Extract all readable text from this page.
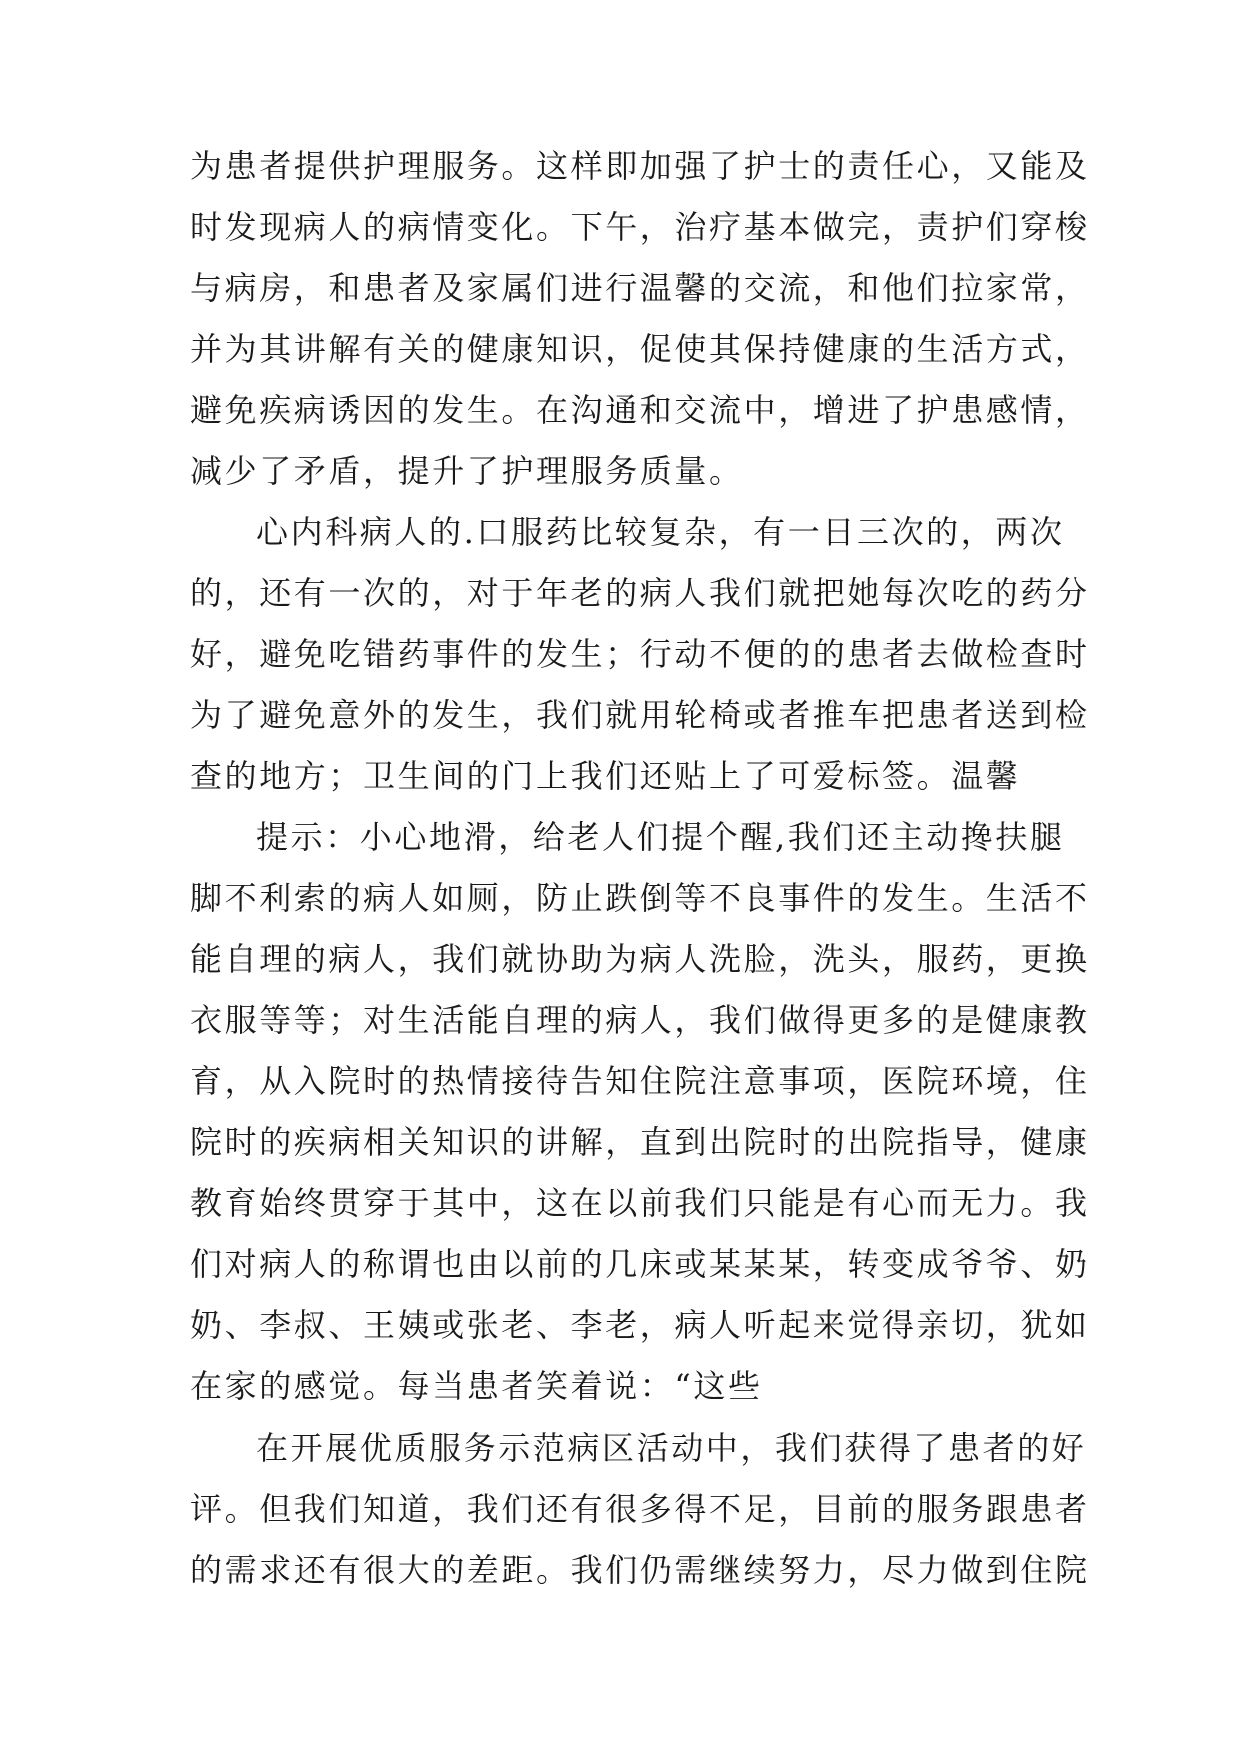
为患者提供护理服务。这样即加强了护士的责任心，又能及
时发现病人的病情变化。下午，治疗基本做完，责护们穿梭
与病房，和患者及家属们进行温馨的交流，和他们拉家常，
并为其讲解有关的健康知识，促使其保持健康的生活方式，
避免疾病诱因的发生。在沟通和交流中，增进了护患感情，
减少了矛盾，提升了护理服务质量。
心内科病人的.口服药比较复杂，有一日三次的，两次
的，还有一次的，对于年老的病人我们就把她每次吃的药分
好，避免吃错药事件的发生；行动不便的的患者去做检查时
为了避免意外的发生，我们就用轮椅或者推车把患者送到检
查的地方；卫生间的门上我们还贴上了可爱标签。温馨
提示：小心地滑，给老人们提个醒,我们还主动搀扶腿
脚不利索的病人如厕，防止跌倒等不良事件的发生。生活不
能自理的病人，我们就协助为病人洗脸，洗头，服药，更换
衣服等等；对生活能自理的病人，我们做得更多的是健康教
育，从入院时的热情接待告知住院注意事项，医院环境，住
院时的疾病相关知识的讲解，直到出院时的出院指导，健康
教育始终贯穿于其中，这在以前我们只能是有心而无力。我
们对病人的称谓也由以前的几床或某某某，转变成爷爷、奶
奶、李叔、王姨或张老、李老，病人听起来觉得亲切，犹如
在家的感觉。每当患者笑着说：“这些
在开展优质服务示范病区活动中，我们获得了患者的好
评。但我们知道，我们还有很多得不足，目前的服务跟患者
的需求还有很大的差距。我们仍需继续努力，尽力做到住院
